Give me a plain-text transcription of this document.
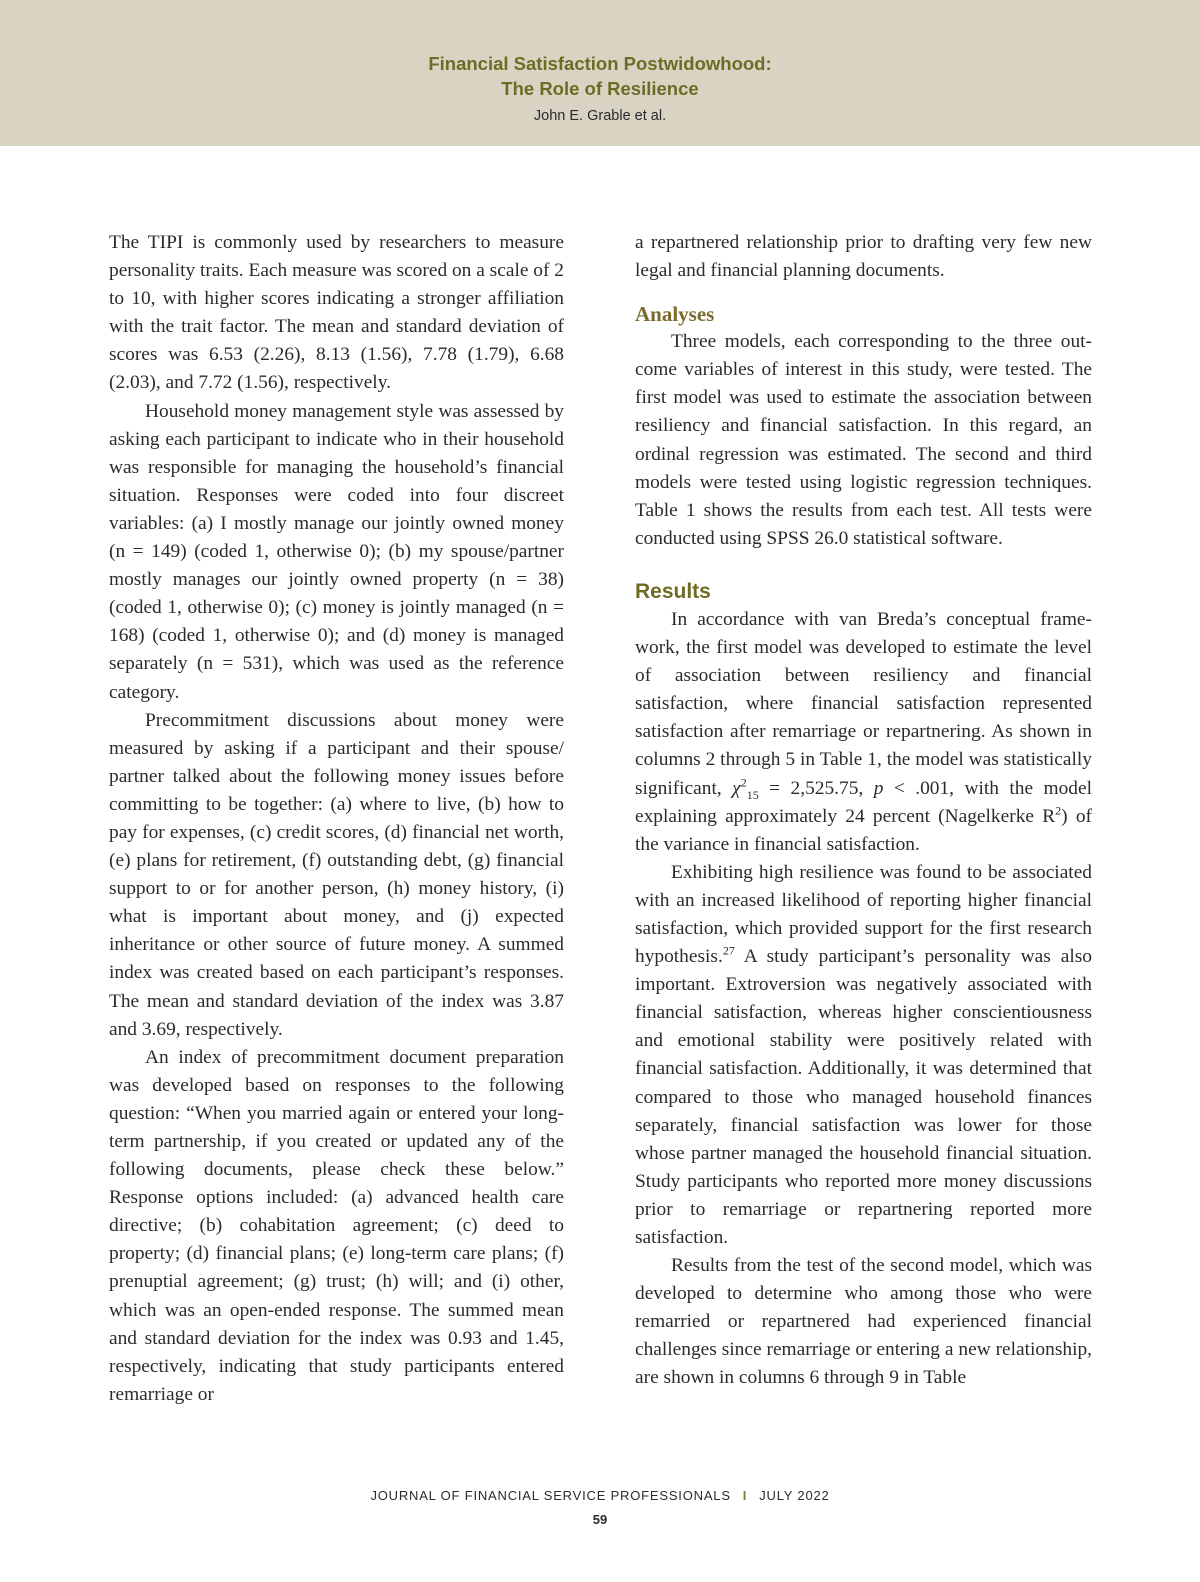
Financial Satisfaction Postwidowhood:
The Role of Resilience
John E. Grable et al.

The TIPI is commonly used by researchers to measure personality traits. Each measure was scored on a scale of 2 to 10, with higher scores indicating a stronger affiliation with the trait factor. The mean and standard deviation of scores was 6.53 (2.26), 8.13 (1.56), 7.78 (1.79), 6.68 (2.03), and 7.72 (1.56), respectively.

Household money management style was assessed by asking each participant to indicate who in their household was responsible for managing the household’s financial situation. Responses were coded into four discreet variables: (a) I mostly manage our jointly owned money (n = 149) (coded 1, otherwise 0); (b) my spouse/partner mostly manages our jointly owned property (n = 38) (coded 1, otherwise 0); (c) money is jointly managed (n = 168) (coded 1, otherwise 0); and (d) money is managed separately (n = 531), which was used as the reference category.

Precommitment discussions about money were measured by asking if a participant and their spouse/ partner talked about the following money issues before committing to be together: (a) where to live, (b) how to pay for expenses, (c) credit scores, (d) financial net worth, (e) plans for retirement, (f) outstanding debt, (g) financial support to or for another person, (h) money history, (i) what is important about money, and (j) expected inheritance or other source of future money. A summed index was created based on each participant’s responses. The mean and standard deviation of the index was 3.87 and 3.69, respectively.

An index of precommitment document preparation was developed based on responses to the following question: “When you married again or entered your long-term partnership, if you created or updated any of the following documents, please check these below.” Response options included: (a) advanced health care directive; (b) cohabitation agreement; (c) deed to property; (d) financial plans; (e) long-term care plans; (f) prenuptial agreement; (g) trust; (h) will; and (i) other, which was an open-ended response. The summed mean and standard deviation for the index was 0.93 and 1.45, respectively, indicating that study participants entered remarriage or

a repartnered relationship prior to drafting very few new legal and financial planning documents.

Analyses

Three models, each corresponding to the three outcome variables of interest in this study, were tested. The first model was used to estimate the association between resiliency and financial satisfaction. In this regard, an ordinal regression was estimated. The second and third models were tested using logistic regression techniques. Table 1 shows the results from each test. All tests were conducted using SPSS 26.0 statistical software.

Results

In accordance with van Breda’s conceptual framework, the first model was developed to estimate the level of association between resiliency and financial satisfaction, where financial satisfaction represented satisfaction after remarriage or repartnering. As shown in columns 2 through 5 in Table 1, the model was statistically significant, $\chi^2_{15} = 2,525.75$, p < .001, with the model explaining approximately 24 percent (Nagelkerke $R^2$) of the variance in financial satisfaction.

Exhibiting high resilience was found to be associated with an increased likelihood of reporting higher financial satisfaction, which provided support for the first research hypothesis.$^{27}$ A study participant’s personality was also important. Extroversion was negatively associated with financial satisfaction, whereas higher conscientiousness and emotional stability were positively related with financial satisfaction. Additionally, it was determined that compared to those who managed household finances separately, financial satisfaction was lower for those whose partner managed the household financial situation. Study participants who reported more money discussions prior to remarriage or repartnering reported more satisfaction.

Results from the test of the second model, which was developed to determine who among those who were remarried or repartnered had experienced financial challenges since remarriage or entering a new relationship, are shown in columns 6 through 9 in Table

JOURNAL OF FINANCIAL SERVICE PROFESSIONALS I JULY 2022
59
